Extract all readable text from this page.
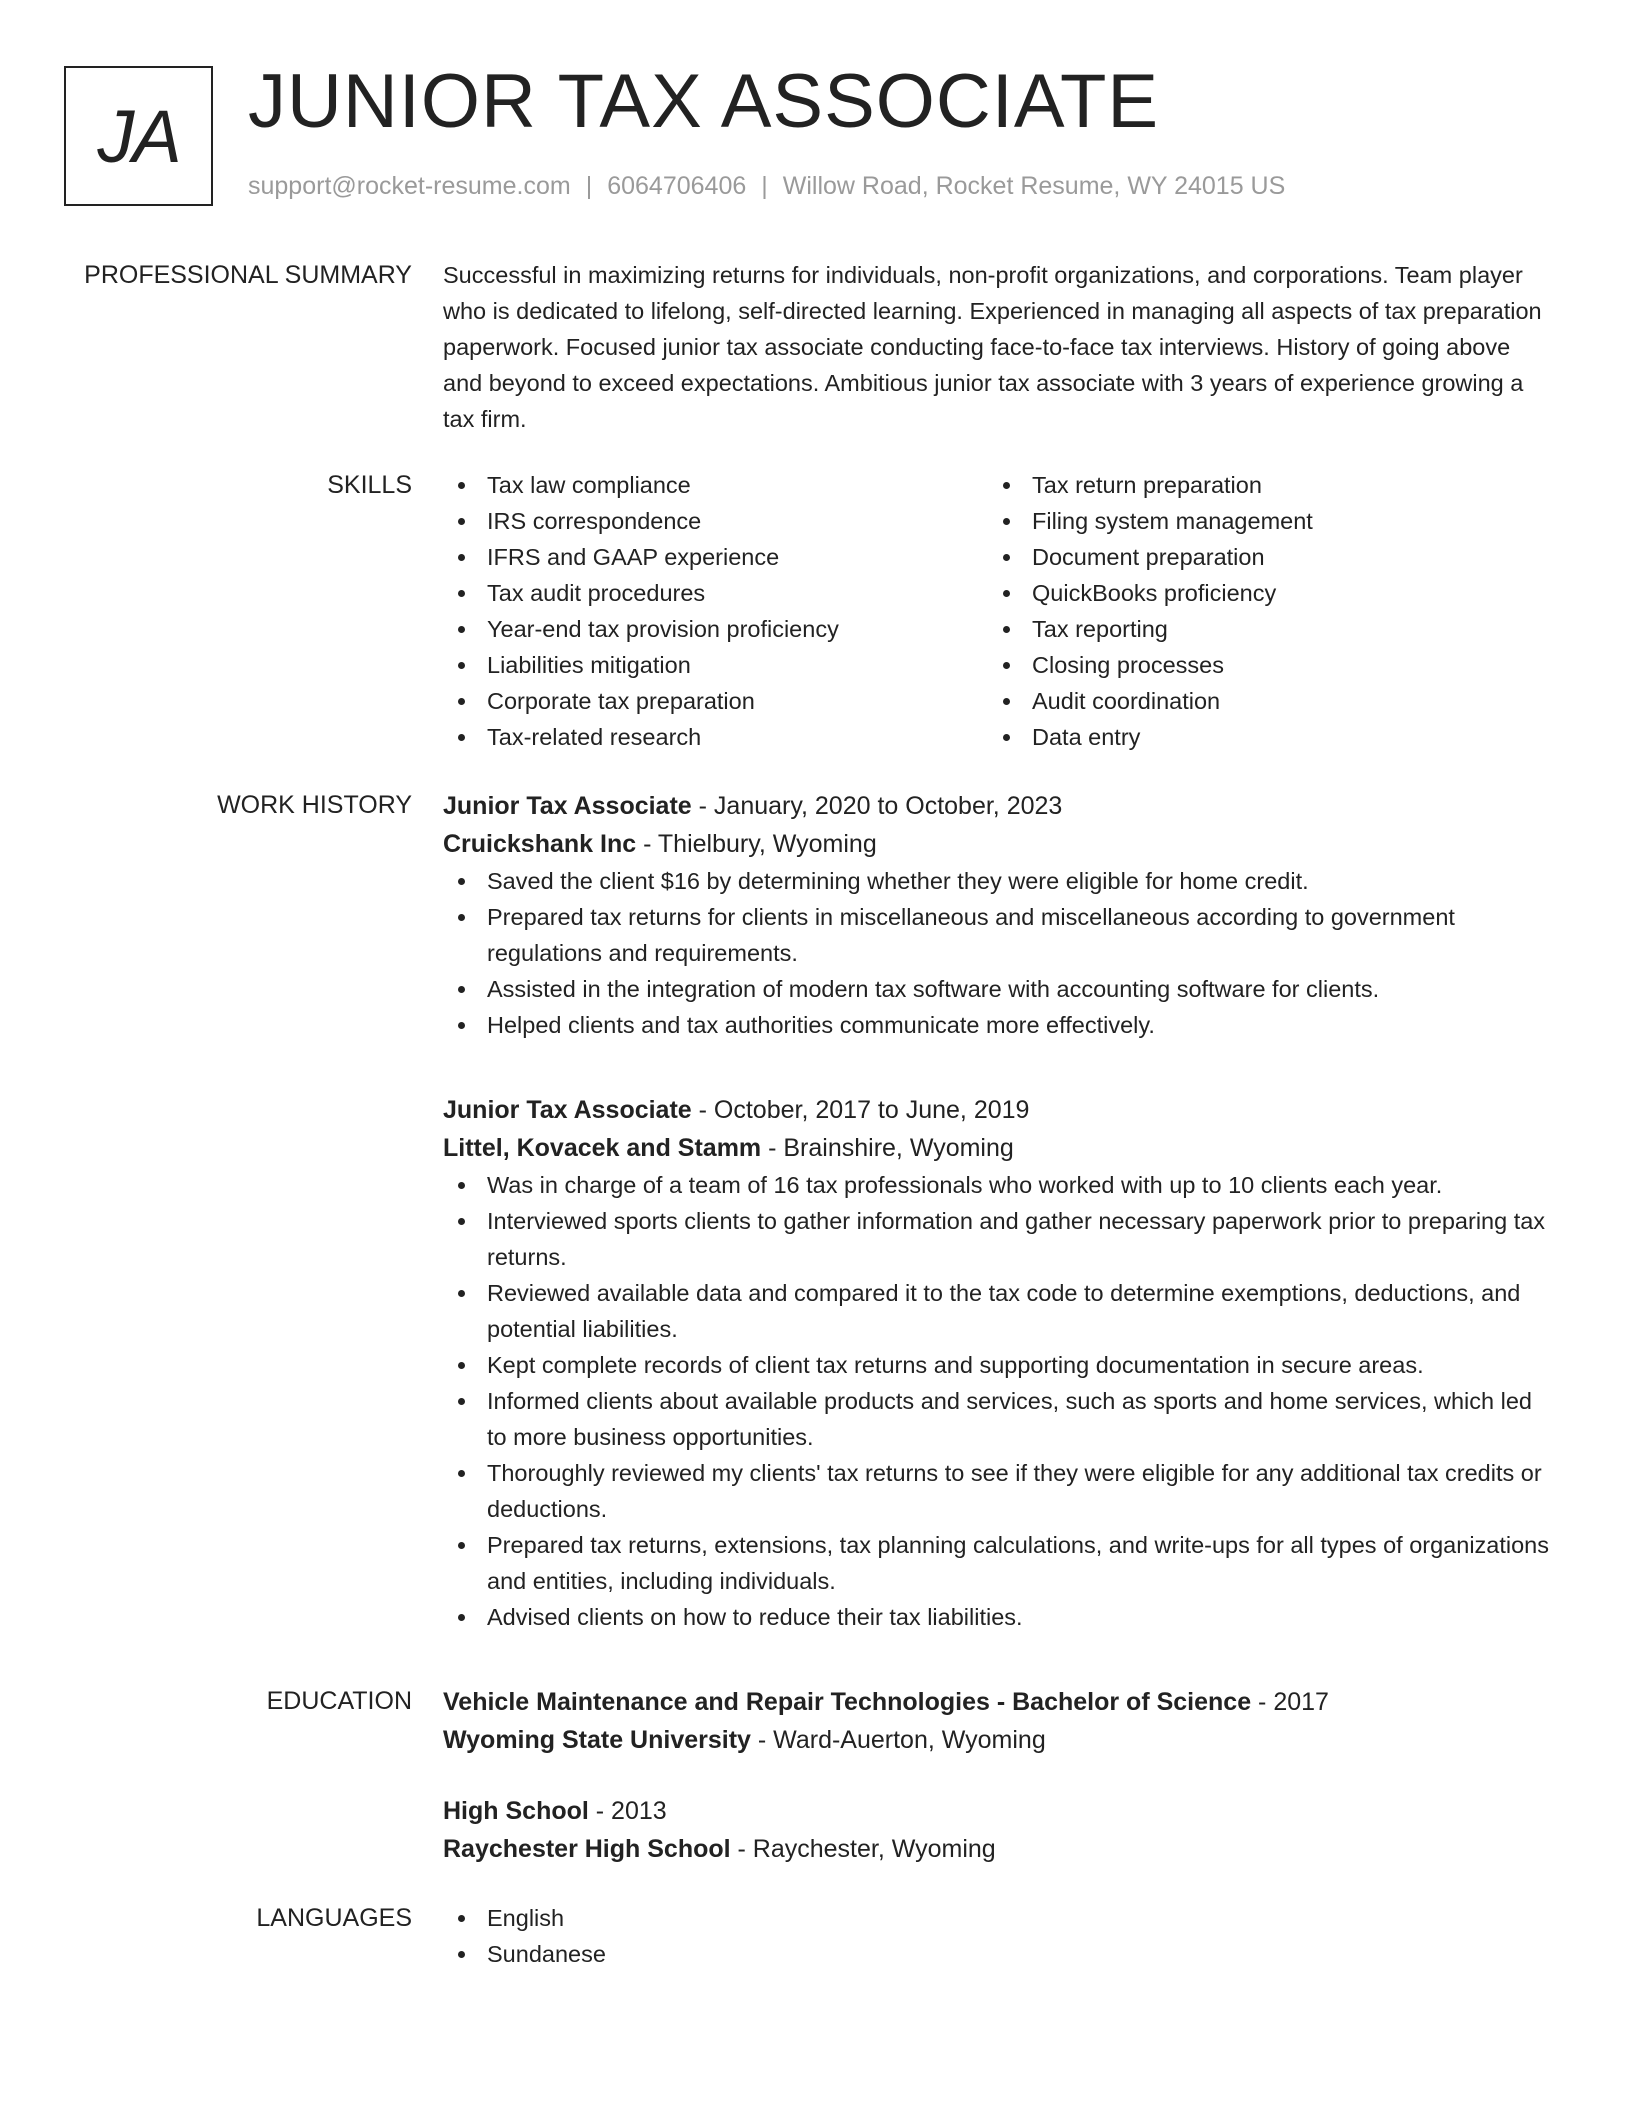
JA JUNIOR TAX ASSOCIATE
support@rocket-resume.com | 6064706406 | Willow Road, Rocket Resume, WY 24015 US
PROFESSIONAL SUMMARY Successful in maximizing returns for individuals, non-profit organizations, and corporations. Team player who is dedicated to lifelong, self-directed learning. Experienced in managing all aspects of tax preparation paperwork. Focused junior tax associate conducting face-to-face tax interviews. History of going above and beyond to exceed expectations. Ambitious junior tax associate with 3 years of experience growing a tax firm.

SKILLS	Tax law compliance
IRS correspondence
IFRS and GAAP experience
Tax audit procedures
Year-end tax provision proficiency
Liabilities mitigation
Corporate tax preparation
Tax-related research
Tax return preparation
Filing system management
Document preparation
QuickBooks proficiency
Tax reporting
Closing processes
Audit coordination
Data entry
WORK HISTORY Junior Tax Associate - January, 2020 to October, 2023
Cruickshank Inc - Thielbury, Wyoming
Saved the client $16 by determining whether they were eligible for home credit.
Prepared tax returns for clients in miscellaneous and miscellaneous according to government regulations and requirements.
Assisted in the integration of modern tax software with accounting software for clients.
Helped clients and tax authorities communicate more effectively.
Junior Tax Associate - October, 2017 to June, 2019
Littel, Kovacek and Stamm - Brainshire, Wyoming
Was in charge of a team of 16 tax professionals who worked with up to 10 clients each year.
Interviewed sports clients to gather information and gather necessary paperwork prior to preparing tax returns.
Reviewed available data and compared it to the tax code to determine exemptions, deductions, and potential liabilities.
Kept complete records of client tax returns and supporting documentation in secure areas.
Informed clients about available products and services, such as sports and home services, which led to more business opportunities.
Thoroughly reviewed my clients' tax returns to see if they were eligible for any additional tax credits or deductions.
Prepared tax returns, extensions, tax planning calculations, and write-ups for all types of organizations and entities, including individuals.
Advised clients on how to reduce their tax liabilities.
EDUCATION Vehicle Maintenance and Repair Technologies - Bachelor of Science - 2017
Wyoming State University - Ward-Auerton, Wyoming
High School - 2013
Raychester High School - Raychester, Wyoming
LANGUAGES	English
Sundanese
